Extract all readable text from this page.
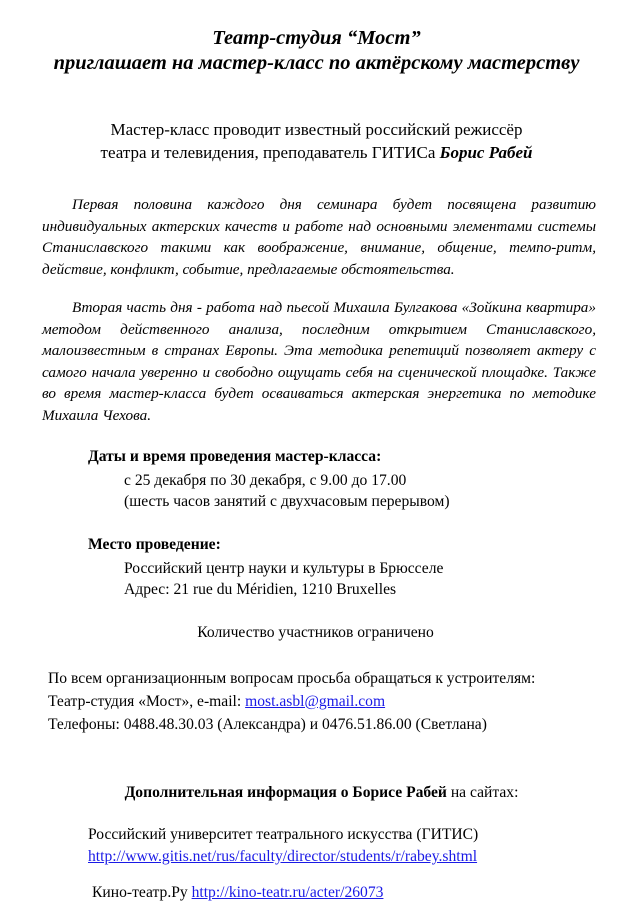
Театр-студия “Мост”
приглашает на мастер-класс по актёрскому мастерству
Мастер-класс проводит известный российский режиссёр
театра и телевидения, преподаватель ГИТИСа Борис Рабей

Первая половина каждого дня семинара будет посвящена развитию индивидуальных актерских качеств и работе над основными элементами системы Станиславского такими как воображение, внимание, общение, темпо-ритм, действие, конфликт, событие, предлагаемые обстоятельства.

Вторая часть дня - работа над пьесой Михаила Булгакова «Зойкина квартира» методом действенного анализа, последним открытием Станиславского, малоизвестным в странах Европы. Эта методика репетиций позволяет актеру с самого начала уверенно и свободно ощущать себя на сценической площадке. Также во время мастер-класса будет осваиваться актерская энергетика по методике Михаила Чехова.

Даты и время проведения мастер-класса:

с 25 декабря по 30 декабря, с 9.00 до 17.00

(шесть часов занятий с двухчасовым перерывом)

Место проведение:

Российский центр науки и культуры в Брюсселе

Адрес: 21 rue du Méridien, 1210 Bruxelles

Количество участников ограничено

По всем организационным вопросам просьба обращаться к устроителям:

Театр-студия «Мост», e-mail: most.asbl@gmail.com

Телефоны: 0488.48.30.03 (Александра) и 0476.51.86.00 (Светлана)

Дополнительная информация о Борисе Рабей на сайтах:

Российский университет театрального искусства (ГИТИС)

http://www.gitis.net/rus/faculty/director/students/r/rabey.shtml

Кино-театр.Ру http://kino-teatr.ru/acter/26073
